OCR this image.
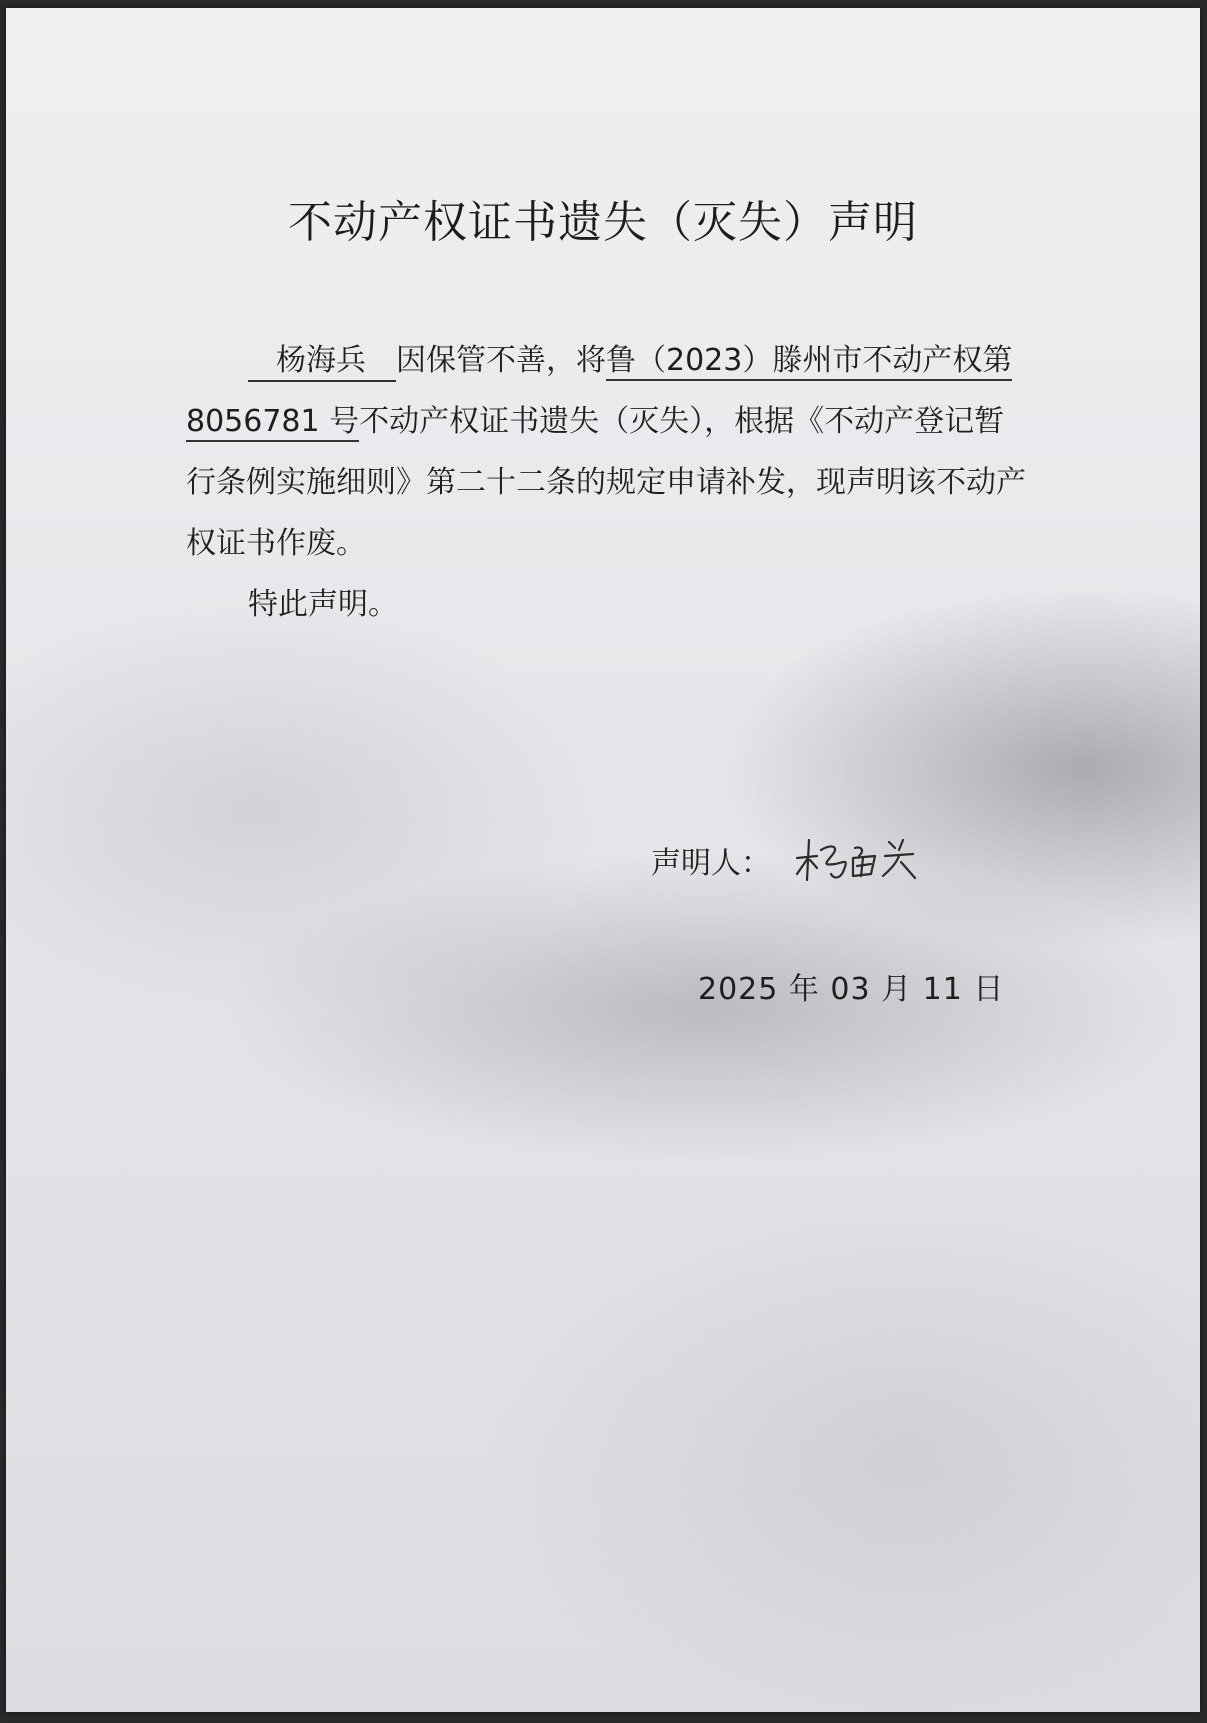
不动产权证书遗失（灭失）声明

杨海兵 因保管不善，将鲁（2023）滕州市不动产权第 8056781 号不动产权证书遗失（灭失），根据《不动产登记暂行条例实施细则》第二十二条的规定申请补发，现声明该不动产权证书作废。

特此声明。

声明人：
2025 年 03 月 11 日
